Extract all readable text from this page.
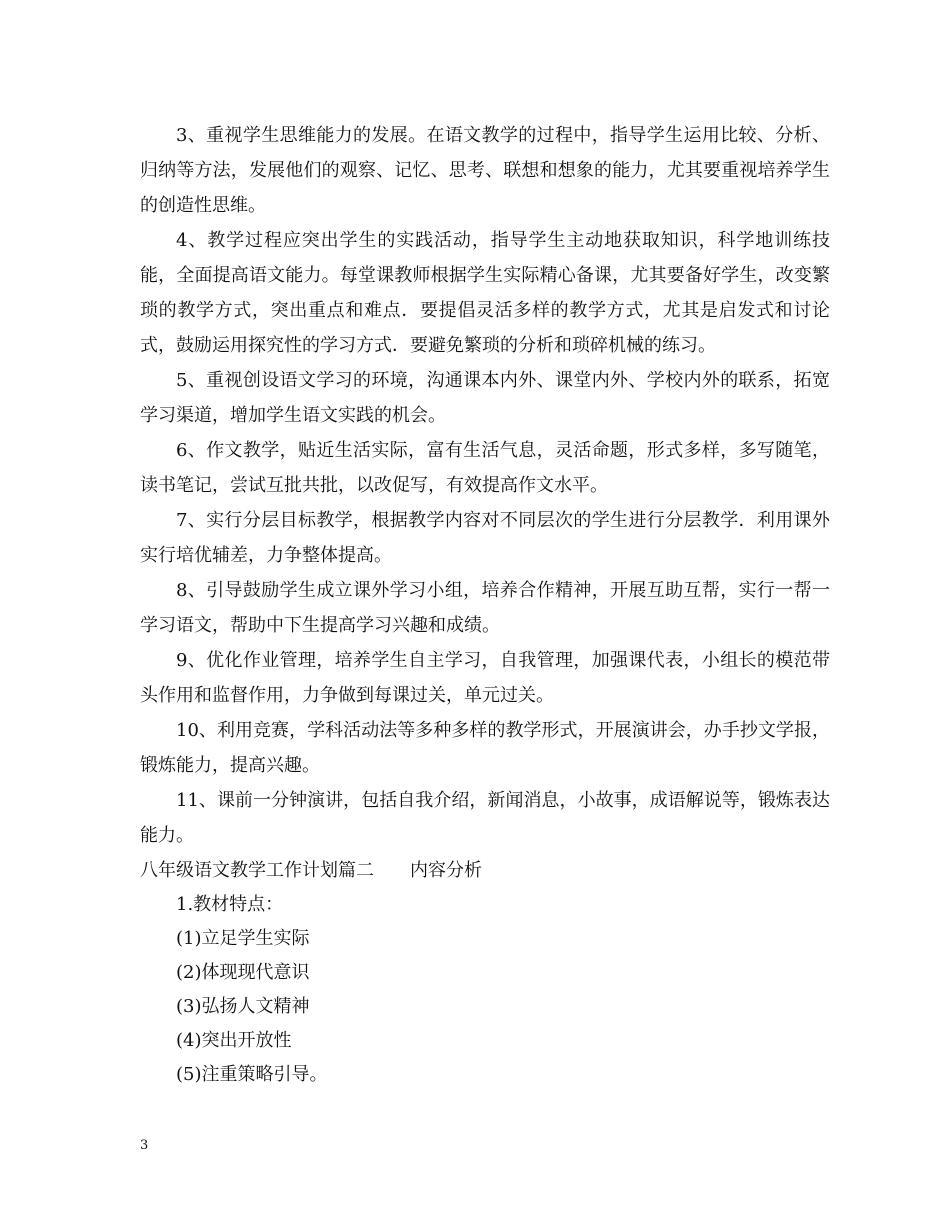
3、重视学生思维能力的发展。在语文教学的过程中，指导学生运用比较、分析、归纳等方法，发展他们的观察、记忆、思考、联想和想象的能力，尤其要重视培养学生的创造性思维。

4、教学过程应突出学生的实践活动，指导学生主动地获取知识，科学地训练技能，全面提高语文能力。每堂课教师根据学生实际精心备课，尤其要备好学生，改变繁琐的教学方式，突出重点和难点．要提倡灵活多样的教学方式，尤其是启发式和讨论式，鼓励运用探究性的学习方式．要避免繁琐的分析和琐碎机械的练习。

5、重视创设语文学习的环境，沟通课本内外、课堂内外、学校内外的联系，拓宽学习渠道，增加学生语文实践的机会。

6、作文教学，贴近生活实际，富有生活气息，灵活命题，形式多样，多写随笔，读书笔记，尝试互批共批，以改促写，有效提高作文水平。

7、实行分层目标教学，根据教学内容对不同层次的学生进行分层教学．利用课外实行培优辅差，力争整体提高。

8、引导鼓励学生成立课外学习小组，培养合作精神，开展互助互帮，实行一帮一学习语文，帮助中下生提高学习兴趣和成绩。

9、优化作业管理，培养学生自主学习，自我管理，加强课代表，小组长的模范带头作用和监督作用，力争做到每课过关，单元过关。

10、利用竞赛，学科活动法等多种多样的教学形式，开展演讲会，办手抄文学报，锻炼能力，提高兴趣。

11、课前一分钟演讲，包括自我介绍，新闻消息，小故事，成语解说等，锻炼表达能力。

八年级语文教学工作计划篇二　　内容分析

1.教材特点：

(1)立足学生实际

(2)体现现代意识

(3)弘扬人文精神

(4)突出开放性

(5)注重策略引导。

3
